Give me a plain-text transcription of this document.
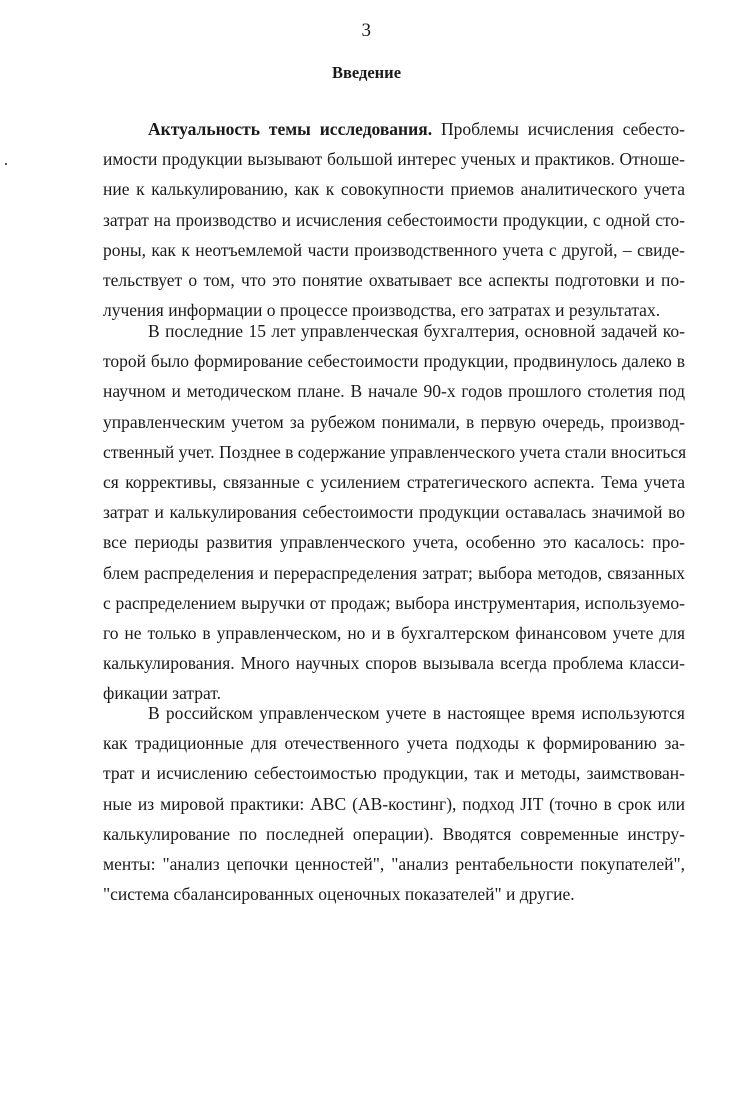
3
Введение
Актуальность темы исследования. Проблемы исчисления себесто-
имости продукции вызывают большой интерес ученых и практиков. Отноше-
ние к калькулированию, как к совокупности приемов аналитического учета
затрат на производство и исчисления себестоимости продукции, с одной сто-
роны, как к неотъемлемой части производственного учета с другой, – свиде-
тельствует о том, что это понятие охватывает все аспекты подготовки и по-
лучения информации о процессе производства, его затратах и результатах.
В последние 15 лет управленческая бухгалтерия, основной задачей ко-
торой было формирование себестоимости продукции, продвинулось далеко в
научном и методическом плане. В начале 90-х годов прошлого столетия под
управленческим учетом за рубежом понимали, в первую очередь, производ-
ственный учет. Позднее в содержание управленческого учета стали вноситься
ся коррективы, связанные с усилением стратегического аспекта. Тема учета
затрат и калькулирования себестоимости продукции оставалась значимой во
все периоды развития управленческого учета, особенно это касалось: про-
блем распределения и перераспределения затрат; выбора методов, связанных
с распределением выручки от продаж; выбора инструментария, используемо-
го не только в управленческом, но и в бухгалтерском финансовом учете для
калькулирования. Много научных споров вызывала всегда проблема класси-
фикации затрат.
В российском управленческом учете в настоящее время используются
как традиционные для отечественного учета подходы к формированию за-
трат и исчислению себестоимостью продукции, так и методы, заимствован-
ные из мировой практики: ABC (АВ-костинг), подход JIT (точно в срок или
калькулирование по последней операции). Вводятся современные инстру-
менты: "анализ цепочки ценностей", "анализ рентабельности покупателей",
"система сбалансированных оценочных показателей" и другие.
